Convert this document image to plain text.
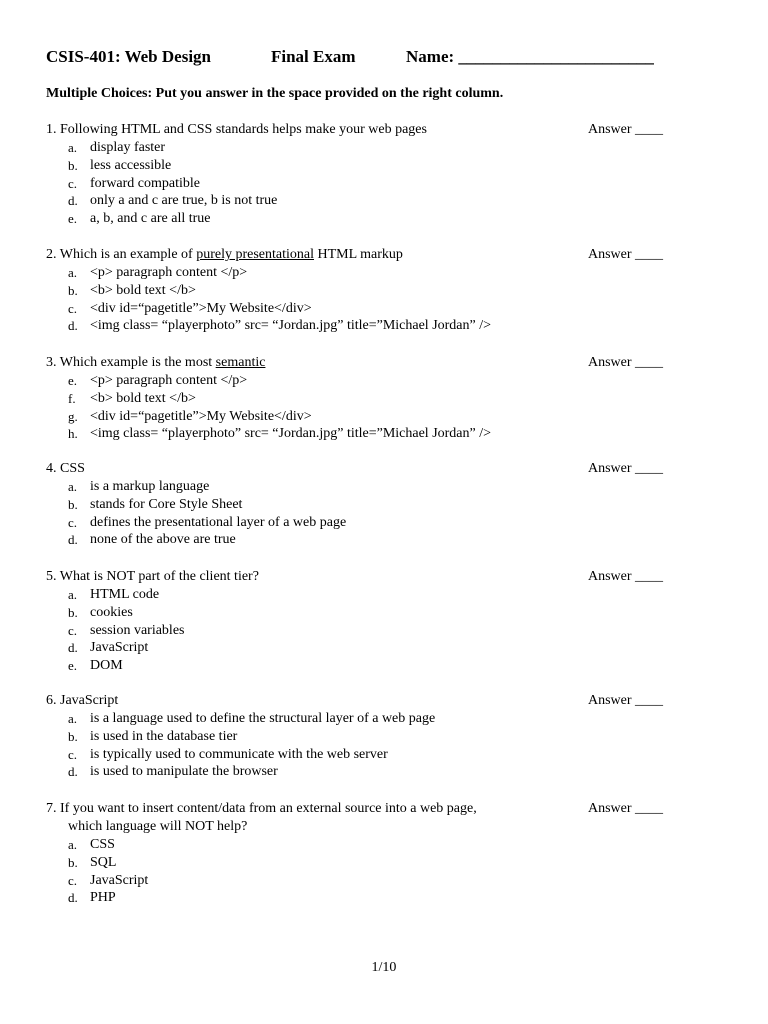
CSIS-401: Web Design	Final Exam	Name: _______________________
Multiple Choices: Put you answer in the space provided on the right column.
1. Following HTML and CSS standards helps make your web pages	Answer ____
a. display faster
b. less accessible
c. forward compatible
d. only a and c are true, b is not true
e. a, b, and c are all true
2. Which is an example of purely presentational HTML markup	Answer ____
a. <p> paragraph content </p>
b. <b> bold text </b>
c. <div id=“pagetitle”>My Website</div>
d. <img class= “playerphoto” src= “Jordan.jpg” title=”Michael Jordan” />
3. Which example is the most semantic	Answer ____
e. <p> paragraph content </p>
f. <b> bold text </b>
g. <div id=“pagetitle”>My Website</div>
h. <img class= “playerphoto” src= “Jordan.jpg” title=”Michael Jordan” />
4. CSS	Answer ____
a. is a markup language
b. stands for Core Style Sheet
c. defines the presentational layer of a web page
d. none of the above are true
5. What is NOT part of the client tier?	Answer ____
a. HTML code
b. cookies
c. session variables
d. JavaScript
e. DOM
6. JavaScript	Answer ____
a. is a language used to define the structural layer of a web page
b. is used in the database tier
c. is typically used to communicate with the web server
d. is used to manipulate the browser
7. If you want to insert content/data from an external source into a web page,	Answer ____
which language will NOT help?
a. CSS
b. SQL
c. JavaScript
d. PHP
1/10
